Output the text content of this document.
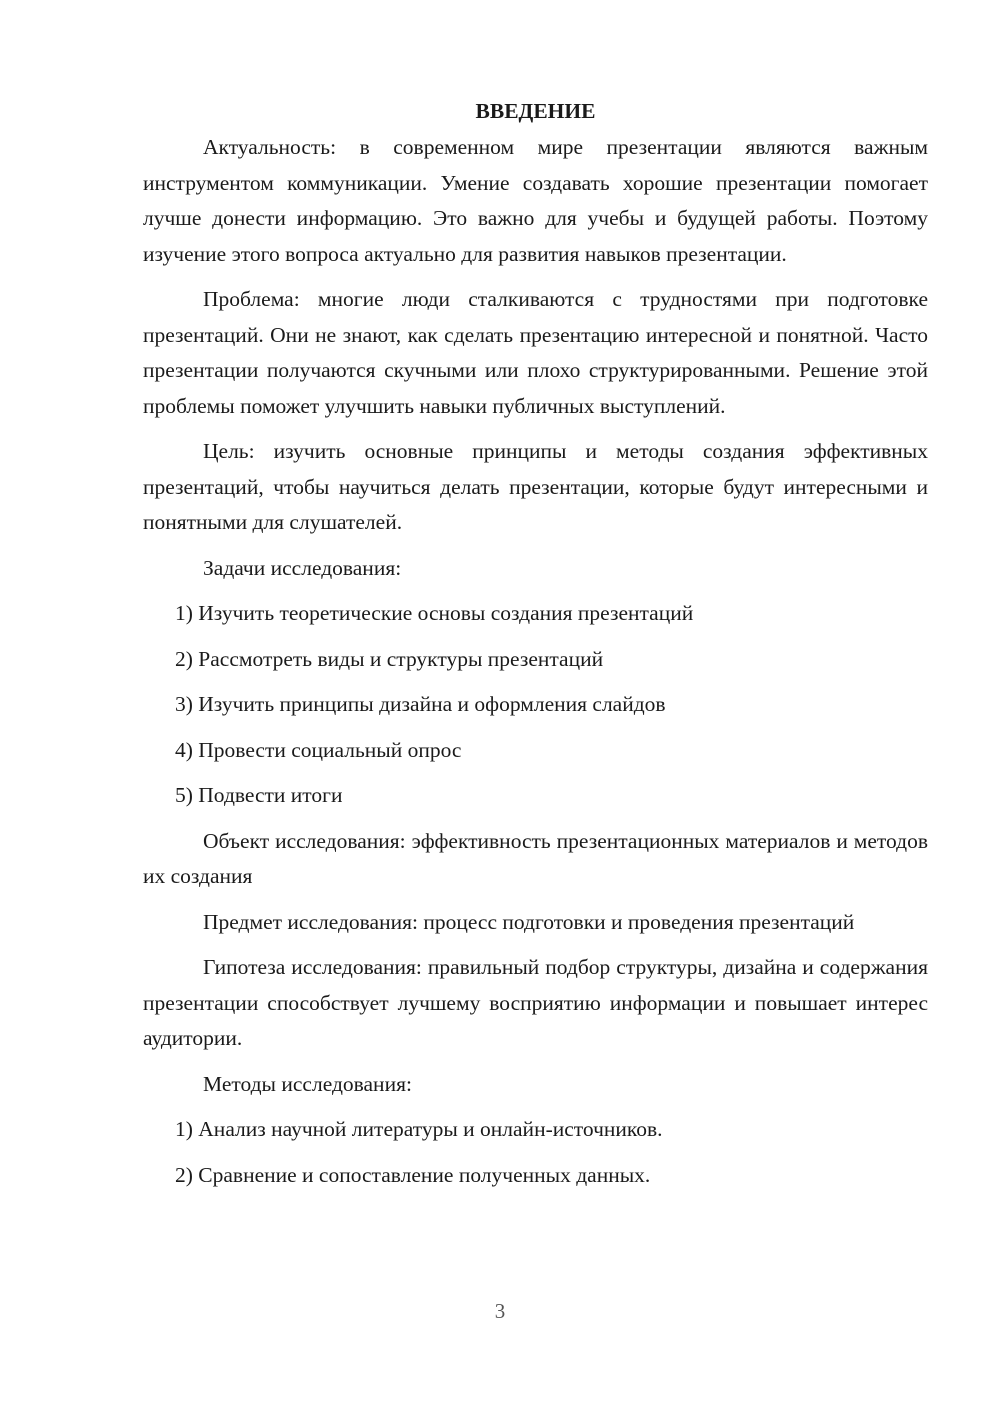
ВВЕДЕНИЕ

Актуальность: в современном мире презентации являются важным инструментом коммуникации. Умение создавать хорошие презентации помогает лучше донести информацию. Это важно для учебы и будущей работы. Поэтому изучение этого вопроса актуально для развития навыков презентации.

Проблема: многие люди сталкиваются с трудностями при подготовке презентаций. Они не знают, как сделать презентацию интересной и понятной. Часто презентации получаются скучными или плохо структурированными. Решение этой проблемы поможет улучшить навыки публичных выступлений.

Цель: изучить основные принципы и методы создания эффективных презентаций, чтобы научиться делать презентации, которые будут интересными и понятными для слушателей.

Задачи исследования:
1) Изучить теоретические основы создания презентаций
2) Рассмотреть виды и структуры презентаций
3) Изучить принципы дизайна и оформления слайдов
4) Провести социальный опрос
5) Подвести итоги

Объект исследования: эффективность презентационных материалов и методов их создания

Предмет исследования: процесс подготовки и проведения презентаций

Гипотеза исследования: правильный подбор структуры, дизайна и содержания презентации способствует лучшему восприятию информации и повышает интерес аудитории.

Методы исследования:
1) Анализ научной литературы и онлайн-источников.
2) Сравнение и сопоставление полученных данных.
3
